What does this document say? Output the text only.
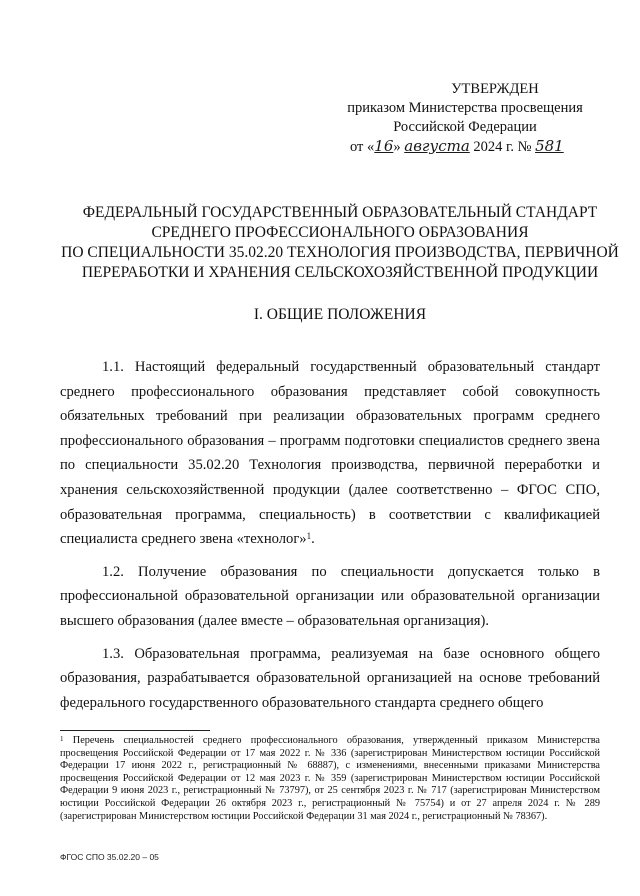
УТВЕРЖДЕН
приказом Министерства просвещения
Российской Федерации
от «16» августа 2024 г. № 581
ФЕДЕРАЛЬНЫЙ ГОСУДАРСТВЕННЫЙ ОБРАЗОВАТЕЛЬНЫЙ СТАНДАРТ
СРЕДНЕГО ПРОФЕССИОНАЛЬНОГО ОБРАЗОВАНИЯ
ПО СПЕЦИАЛЬНОСТИ 35.02.20 ТЕХНОЛОГИЯ ПРОИЗВОДСТВА, ПЕРВИЧНОЙ
ПЕРЕРАБОТКИ И ХРАНЕНИЯ СЕЛЬСКОХОЗЯЙСТВЕННОЙ ПРОДУКЦИИ
I. ОБЩИЕ ПОЛОЖЕНИЯ

1.1. Настоящий федеральный государственный образовательный стандарт среднего профессионального образования представляет собой совокупность обязательных требований при реализации образовательных программ среднего профессионального образования – программ подготовки специалистов среднего звена по специальности 35.02.20 Технология производства, первичной переработки и хранения сельскохозяйственной продукции (далее соответственно – ФГОС СПО, образовательная программа, специальность) в соответствии с квалификацией специалиста среднего звена «технолог»$^1$.

1.2. Получение образования по специальности допускается только в профессиональной образовательной организации или образовательной организации высшего образования (далее вместе – образовательная организация).

1.3. Образовательная программа, реализуемая на базе основного общего образования, разрабатывается образовательной организацией на основе требований федерального государственного образовательного стандарта среднего общего

$^1$ Перечень специальностей среднего профессионального образования, утвержденный приказом Министерства просвещения Российской Федерации от 17 мая 2022 г. № 336 (зарегистрирован Министерством юстиции Российской Федерации 17 июня 2022 г., регистрационный № 68887), с изменениями, внесенными приказами Министерства просвещения Российской Федерации от 12 мая 2023 г. № 359 (зарегистрирован Министерством юстиции Российской Федерации 9 июня 2023 г., регистрационный № 73797), от 25 сентября 2023 г. № 717 (зарегистрирован Министерством юстиции Российской Федерации 26 октября 2023 г., регистрационный № 75754) и от 27 апреля 2024 г. № 289 (зарегистрирован Министерством юстиции Российской Федерации 31 мая 2024 г., регистрационный № 78367).
ФГОС СПО 35.02.20 – 05
